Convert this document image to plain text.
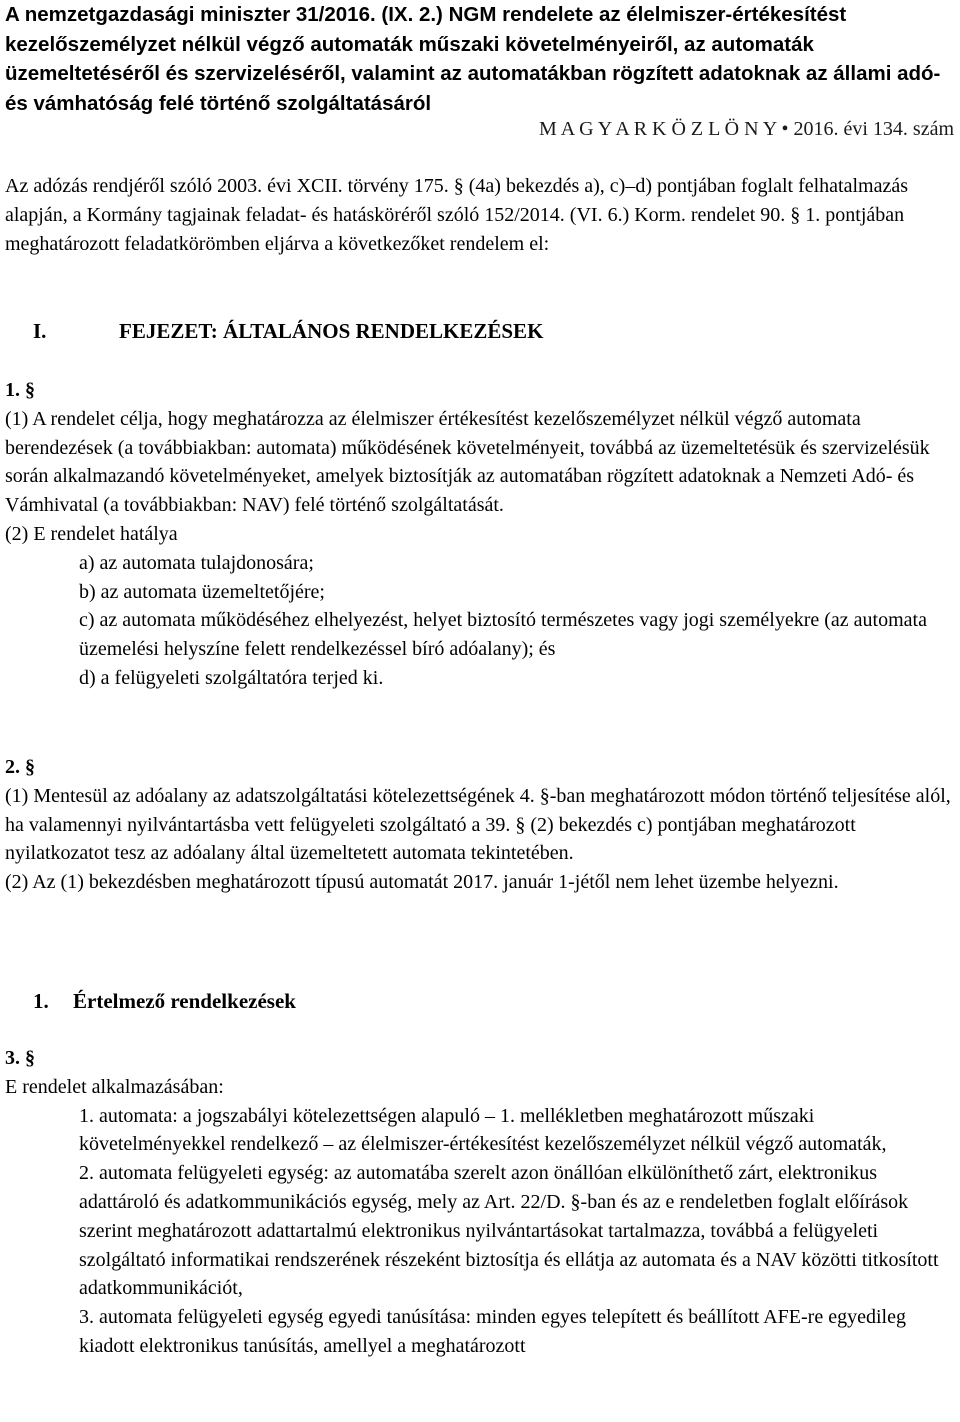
A nemzetgazdasági miniszter 31/2016. (IX. 2.) NGM rendelete az élelmiszer-értékesítést kezelőszemélyzet nélkül végző automaták műszaki követelményeiről, az automaták üzemeltetéséről és szervizeléséről, valamint az automatákban rögzített adatoknak az állami adó- és vámhatóság felé történő szolgáltatásáról
M A G Y A R K Ö Z L Ö N Y • 2016. évi 134. szám
Az adózás rendjéről szóló 2003. évi XCII. törvény 175. § (4a) bekezdés a), c)–d) pontjában foglalt felhatalmazás alapján, a Kormány tagjainak feladat- és hatásköréről szóló 152/2014. (VI. 6.) Korm. rendelet 90. § 1. pontjában meghatározott feladatkörömben eljárva a következőket rendelem el:
I.	FEJEZET: ÁLTALÁNOS RENDELKEZÉSEK

1. §

(1) A rendelet célja, hogy meghatározza az élelmiszer értékesítést kezelőszemélyzet nélkül végző automata berendezések (a továbbiakban: automata) működésének követelményeit, továbbá az üzemeltetésük és szervizelésük során alkalmazandó követelményeket, amelyek biztosítják az automatában rögzített adatoknak a Nemzeti Adó- és Vámhivatal (a továbbiakban: NAV) felé történő szolgáltatását.

(2) E rendelet hatálya

a) az automata tulajdonosára;

b) az automata üzemeltetőjére;

c) az automata működéséhez elhelyezést, helyet biztosító természetes vagy jogi személyekre (az automata üzemelési helyszíne felett rendelkezéssel bíró adóalany); és

d) a felügyeleti szolgáltatóra terjed ki.

2. §

(1) Mentesül az adóalany az adatszolgáltatási kötelezettségének 4. §-ban meghatározott módon történő teljesítése alól, ha valamennyi nyilvántartásba vett felügyeleti szolgáltató a 39. § (2) bekezdés c) pontjában meghatározott nyilatkozatot tesz az adóalany által üzemeltetett automata tekintetében.

(2) Az (1) bekezdésben meghatározott típusú automatát 2017. január 1-jétől nem lehet üzembe helyezni.

1. Értelmező rendelkezések

3. §

E rendelet alkalmazásában:

1. automata: a jogszabályi kötelezettségen alapuló – 1. mellékletben meghatározott műszaki követelményekkel rendelkező – az élelmiszer-értékesítést kezelőszemélyzet nélkül végző automaták,

2. automata felügyeleti egység: az automatába szerelt azon önállóan elkülöníthető zárt, elektronikus adattároló és adatkommunikációs egység, mely az Art. 22/D. §-ban és az e rendeletben foglalt előírások szerint meghatározott adattartalmú elektronikus nyilvántartásokat tartalmazza, továbbá a felügyeleti szolgáltató informatikai rendszerének részeként biztosítja és ellátja az automata és a NAV közötti titkosított adatkommunikációt,

3. automata felügyeleti egység egyedi tanúsítása: minden egyes telepített és beállított AFE-re egyedileg kiadott elektronikus tanúsítás, amellyel a meghatározott
